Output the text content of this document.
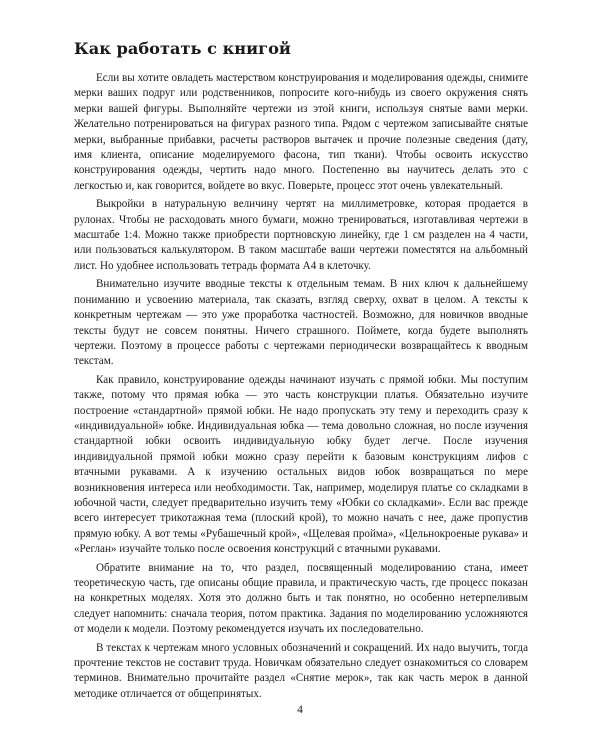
Как работать с книгой

Если вы хотите овладеть мастерством конструирования и моделирования одежды, снимите мерки ваших подруг или родственников, попросите кого-нибудь из своего окружения снять мерки вашей фигуры. Выполняйте чертежи из этой книги, используя снятые вами мерки. Желательно потренироваться на фигурах разного типа. Рядом с чертежом записывайте снятые мерки, выбранные прибавки, расчеты растворов вытачек и прочие полезные сведения (дату, имя клиента, описание моделируемого фасона, тип ткани). Чтобы освоить искусство конструирования одежды, чертить надо много. Постепенно вы научитесь делать это с легкостью и, как говорится, войдете во вкус. Поверьте, процесс этот очень увлекательный.

Выкройки в натуральную величину чертят на миллиметровке, которая продается в рулонах. Чтобы не расходовать много бумаги, можно тренироваться, изготавливая чертежи в масштабе 1:4. Можно также приобрести портновскую линейку, где 1 см разделен на 4 части, или пользоваться калькулятором. В таком масштабе ваши чертежи поместятся на альбомный лист. Но удобнее использовать тетрадь формата А4 в клеточку.

Внимательно изучите вводные тексты к отдельным темам. В них ключ к дальнейшему пониманию и усвоению материала, так сказать, взгляд сверху, охват в целом. А тексты к конкретным чертежам — это уже проработка частностей. Возможно, для новичков вводные тексты будут не совсем понятны. Ничего страшного. Поймете, когда будете выполнять чертежи. Поэтому в процессе работы с чертежами периодически возвращайтесь к вводным текстам.

Как правило, конструирование одежды начинают изучать с прямой юбки. Мы поступим также, потому что прямая юбка — это часть конструкции платья. Обязательно изучите построение «стандартной» прямой юбки. Не надо пропускать эту тему и переходить сразу к «индивидуальной» юбке. Индивидуальная юбка — тема довольно сложная, но после изучения стандартной юбки освоить индивидуальную юбку будет легче. После изучения индивидуальной прямой юбки можно сразу перейти к базовым конструкциям лифов с втачными рукавами. А к изучению остальных видов юбок возвращаться по мере возникновения интереса или необходимости. Так, например, моделируя платье со складками в юбочной части, следует предварительно изучить тему «Юбки со складками». Если вас прежде всего интересует трикотажная тема (плоский крой), то можно начать с нее, даже пропустив прямую юбку. А вот темы «Рубашечный крой», «Щелевая пройма», «Цельнокроеные рукава» и «Реглан» изучайте только после освоения конструкций с втачными рукавами.

Обратите внимание на то, что раздел, посвященный моделированию стана, имеет теоретическую часть, где описаны общие правила, и практическую часть, где процесс показан на конкретных моделях. Хотя это должно быть и так понятно, но особенно нетерпеливым следует напомнить: сначала теория, потом практика. Задания по моделированию усложняются от модели к модели. Поэтому рекомендуется изучать их последовательно.

В текстах к чертежам много условных обозначений и сокращений. Их надо выучить, тогда прочтение текстов не составит труда. Новичкам обязательно следует ознакомиться со словарем терминов. Внимательно прочитайте раздел «Снятие мерок», так как часть мерок в данной методике отличается от общепринятых.

4
